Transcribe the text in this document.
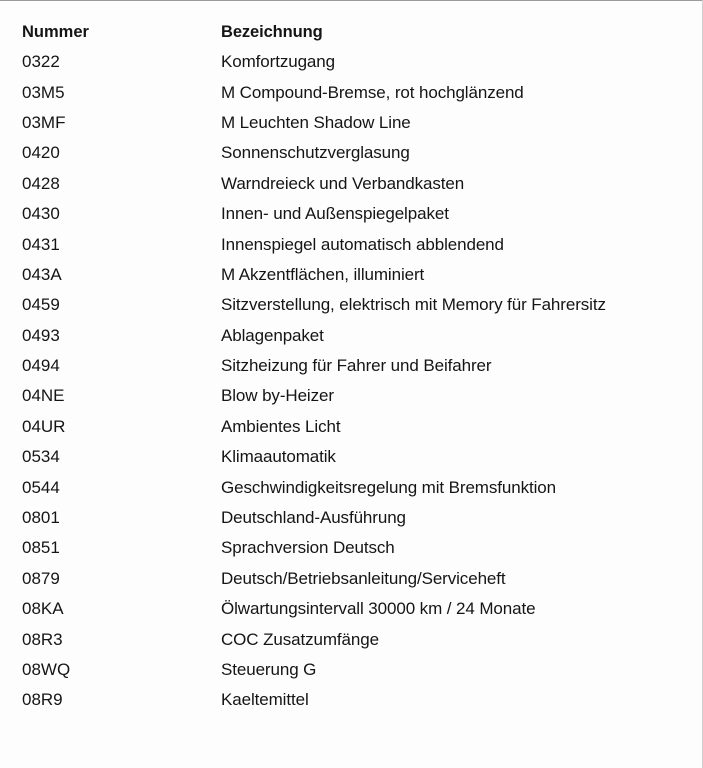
Nummer	Bezeichnung
0322	Komfortzugang
03M5	M Compound-Bremse, rot hochglänzend
03MF	M Leuchten Shadow Line
0420	Sonnenschutzverglasung
0428	Warndreieck und Verbandkasten
0430	Innen- und Außenspiegelpaket
0431	Innenspiegel automatisch abblendend
043A	M Akzentflächen, illuminiert
0459	Sitzverstellung, elektrisch mit Memory für Fahrersitz
0493	Ablagenpaket
0494	Sitzheizung für Fahrer und Beifahrer
04NE	Blow by-Heizer
04UR	Ambientes Licht
0534	Klimaautomatik
0544	Geschwindigkeitsregelung mit Bremsfunktion
0801	Deutschland-Ausführung
0851	Sprachversion Deutsch
0879	Deutsch/Betriebsanleitung/Serviceheft
08KA	Ölwartungsintervall 30000 km / 24 Monate
08R3	COC Zusatzumfänge
08WQ	Steuerung G
08R9	Kaeltemittel
